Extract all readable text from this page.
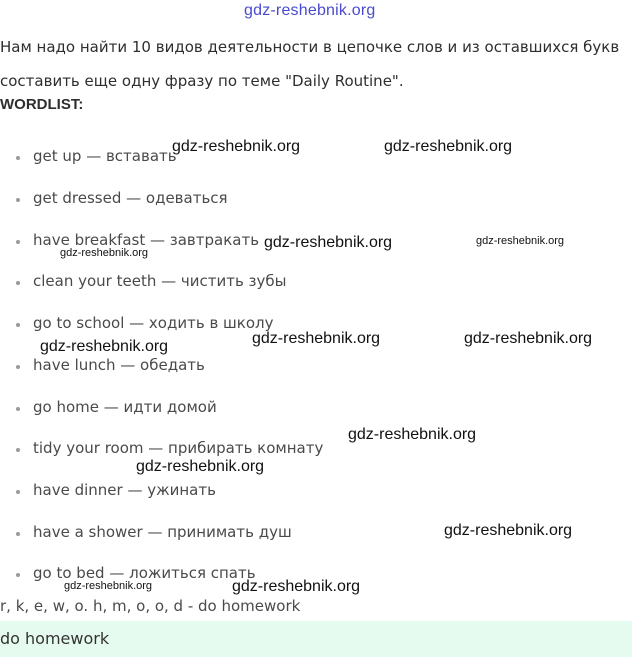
gdz-reshebnik.org
Нам надо найти 10 видов деятельности в цепочке слов и из оставшихся букв
составить еще одну фразу по теме "Daily Routine".
WORDLIST:
get up — вставать
get dressed — одеваться
have breakfast — завтракать
clean your teeth — чистить зубы
go to school — ходить в школу
have lunch — обедать
go home — идти домой
tidy your room — прибирать комнату
have dinner — ужинать
have a shower — принимать душ
go to bed — ложиться спать
gdz-reshebnik.org	gdz-reshebnik.org
gdz-reshebnik.org	gdz-reshebnik.org
gdz-reshebnik.org
gdz-reshebnik.org	gdz-reshebnik.org
gdz-reshebnik.org
gdz-reshebnik.org
gdz-reshebnik.org
gdz-reshebnik.org
gdz-reshebnik.org	gdz-reshebnik.org
r, k, e, w, o. h, m, o, o, d - do homework
do homework
